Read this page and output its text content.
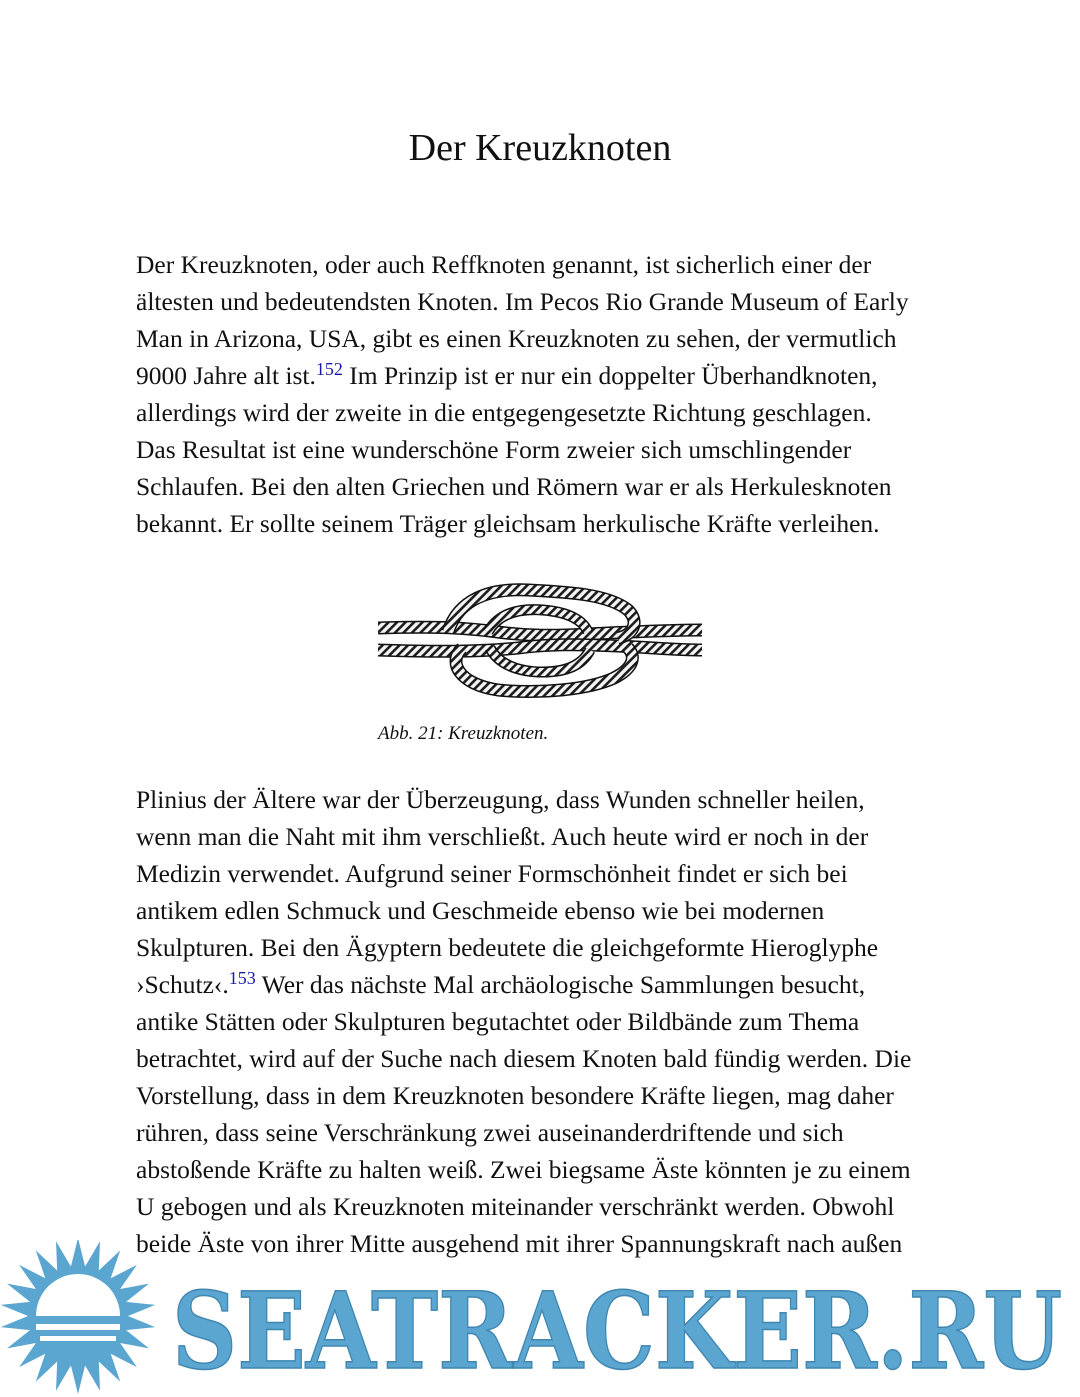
Der Kreuzknoten
Der Kreuzknoten, oder auch Reffknoten genannt, ist sicherlich einer der
ältesten und bedeutendsten Knoten. Im Pecos Rio Grande Museum of Early
Man in Arizona, USA, gibt es einen Kreuzknoten zu sehen, der vermutlich
9000 Jahre alt ist.$^{152}$ Im Prinzip ist er nur ein doppelter Überhandknoten,
allerdings wird der zweite in die entgegengesetzte Richtung geschlagen.
Das Resultat ist eine wunderschöne Form zweier sich umschlingender
Schlaufen. Bei den alten Griechen und Römern war er als Herkulesknoten
bekannt. Er sollte seinem Träger gleichsam herkulische Kräfte verleihen.
Abb. 21: Kreuzknoten.
Plinius der Ältere war der Überzeugung, dass Wunden schneller heilen,
wenn man die Naht mit ihm verschließt. Auch heute wird er noch in der
Medizin verwendet. Aufgrund seiner Formschönheit findet er sich bei
antikem edlen Schmuck und Geschmeide ebenso wie bei modernen
Skulpturen. Bei den Ägyptern bedeutete die gleichgeformte Hieroglyphe
›Schutz‹.$^{153}$ Wer das nächste Mal archäologische Sammlungen besucht,
antike Stätten oder Skulpturen begutachtet oder Bildbände zum Thema
betrachtet, wird auf der Suche nach diesem Knoten bald fündig werden. Die
Vorstellung, dass in dem Kreuzknoten besondere Kräfte liegen, mag daher
rühren, dass seine Verschränkung zwei auseinanderdriftende und sich
abstoßende Kräfte zu halten weiß. Zwei biegsame Äste könnten je zu einem
U gebogen und als Kreuzknoten miteinander verschränkt werden. Obwohl
beide Äste von ihrer Mitte ausgehend mit ihrer Spannungskraft nach außen
SEATRACKER.RU
